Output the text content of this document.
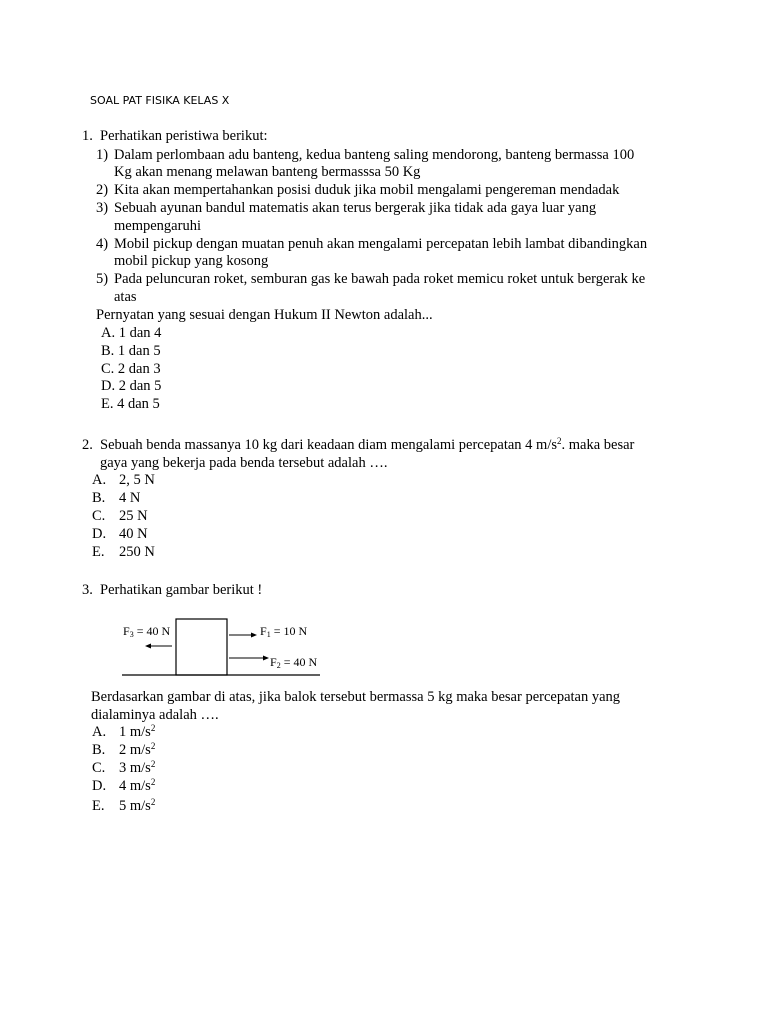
SOAL PAT FISIKA KELAS X
1. Perhatikan peristiwa berikut:
1) Dalam perlombaan adu banteng, kedua banteng saling mendorong, banteng bermassa 100
Kg akan menang melawan banteng bermasssa 50 Kg
2) Kita akan mempertahankan posisi duduk jika mobil mengalami pengereman mendadak
3) Sebuah ayunan bandul matematis akan terus bergerak jika tidak ada gaya luar yang
mempengaruhi
4) Mobil pickup dengan muatan penuh akan mengalami percepatan lebih lambat dibandingkan
mobil pickup yang kosong
5) Pada peluncuran roket, semburan gas ke bawah pada roket memicu roket untuk bergerak ke
atas
Pernyatan yang sesuai dengan Hukum II Newton adalah...
A. 1 dan 4
B. 1 dan 5
C. 2 dan 3
D. 2 dan 5
E. 4 dan 5
2. Sebuah benda massanya 10 kg dari keadaan diam mengalami percepatan 4 $m/s^2$. maka besar
gaya yang bekerja pada benda tersebut adalah ….
A. 2, 5 N
B. 4 N
C. 25 N
D. 40 N
E. 250 N
3. Perhatikan gambar berikut !
F3 = 40 N	F1 = 10 N
F2 = 40 N
Berdasarkan gambar di atas, jika balok tersebut bermassa 5 kg maka besar percepatan yang
dialaminya adalah ….
A. 1 $m/s^2$
B. 2 $m/s^2$
C. 3 $m/s^2$
D. 4 $m/s^2$
E. 5 $m/s^2$
